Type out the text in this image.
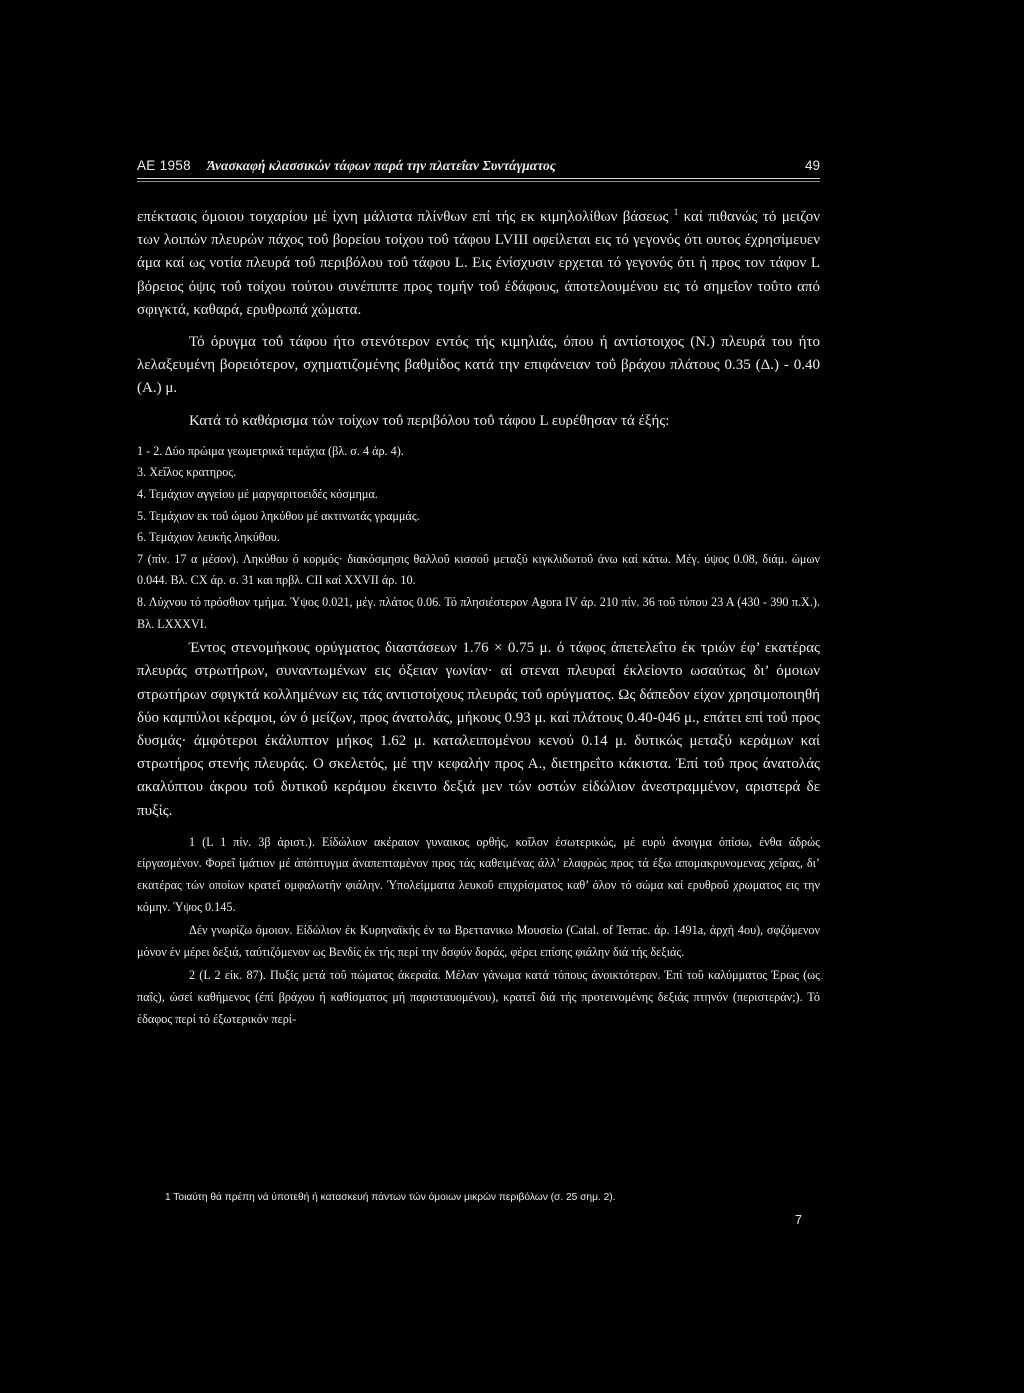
ΑΕ 1958 Άνασκαφή κλασσικών τάφων παρά την πλατεΐαν Συντάγματος	49

επέκτασις όμοιου τοιχαρίου μέ ίχνη μάλιστα πλίνθων επί τής εκ κιμηλολίθων βάσεως $^1$ καί πιθανώς τό μειζον των λοιπών πλευρών πάχος τοΰ βορείου τοίχου τοΰ τάφου LVIII οφείλεται εις τό γεγονός ότι ουτος έχρησίμευεν άμα καί ως νοτία πλευρά τοΰ περιβόλου τοΰ τάφου L. Εις ένίσχυσιν ερχεται τό γεγονός ότι ή προς τον τάφον L βόρειος όψις τοΰ τοίχου τούτου συνέπιπτε προς τομήν τοΰ έδάφους, άποτελουμένου εις τό σημεΐον τοΰτο από σφιγκτά, καθαρά, ερυθρωπά χώματα.

Τό όρυγμα τοΰ τάφου ήτο στενότερον εντός τής κιμηλιάς, όπου ή αντίστοιχος (Ν.) πλευρά του ήτο λελαξευμένη βορειότερον, σχηματιζομένης βαθμίδος κατά την επιφάνειαν τοΰ βράχου πλάτους 0.35 (Δ.) - 0.40 (Α.) μ.

Κατά τό καθάρισμα τών τοίχων τοΰ περιβόλου τοΰ τάφου L ευρέθησαν τά έξής:

1 - 2. Δύο πρώιμα γεωμετρικά τεμάχια (βλ. σ. 4 άρ. 4).

3. Χεΐλος κρατηρος.

4. Τεμάχιον αγγείου μέ μαργαριτοειδές κόσμημα.

5. Τεμάχιον εκ τοΰ ώμου ληκύθου μέ ακτινωτάς γραμμάς.

6. Τεμάχιον λευκής ληκύθου.

7 (πίν. 17 α μέσον). Ληκύθου ό κορμός· διακόσμησις θαλλοΰ κισσοΰ μεταξύ κιγκλιδωτοΰ άνω καί κάτω. Μέγ. ύψος 0.08, διάμ. ώμων 0.044. Βλ. CX άρ. σ. 31 και πρβλ. CII καί XXVII άρ. 10.

8. Λύχνου τό πρόσθιον τμήμα. Ύψος 0.021, μέγ. πλάτος 0.06. Τό πλησιέστερον Agora IV άρ. 210 πίν. 36 τοΰ τύπου 23 Α (430 - 390 π.Χ.). Βλ. LXXXVI.

Έντος στενομήκους ορύγματος διαστάσεων 1.76 × 0.75 μ. ό τάφος άπετελεΐτο έκ τριών έφ’ εκατέρας πλευράς στρωτήρων, συναντωμένων εις όξειαν γωνίαν· αί στεναι πλευραί έκλείοντο ωσαύτως δι’ όμοιων στρωτήρων σφιγκτά κολλημένων εις τάς αντιστοίχους πλευράς τοΰ ορύγματος. Ως δάπεδον είχον χρησιμοποιηθή δύο καμπύλοι κέραμοι, ών ό μείζων, προς άνατολάς, μήκους 0.93 μ. καί πλάτους 0.40-046 μ., επάτει επί τοΰ προς δυσμάς· άμφότεροι έκάλυπτον μήκος 1.62 μ. καταλειπομένου κενού 0.14 μ. δυτικώς μεταξύ κεράμων καί στρωτήρος στενής πλευράς. Ο σκελετός, μέ την κεφαλήν προς Α., διετηρεΐτο κάκιστα. Έπί τοΰ προς άνατολάς ακαλύπτου άκρου τοΰ δυτικοΰ κεράμου έκειντο δεξιά μεν τών οστών είδώλιον άνεστραμμένον, αριστερά δε πυξίς.

1 (L 1 πίν. 3β άριστ.). Είδώλιον ακέραιον γυναικος ορθής, κοΐλον έσωτερικώς, μέ ευρύ άνοιγμα όπίσω, ένθα άδρώς είργασμένον. Φορεΐ ίμάτιον μέ άπόπτυγμα άναπεπταμένον προς τάς καθειμένας άλλ’ ελαφρώς προς τά έξω απομακρυνομενας χεΐρας, δι’ εκατέρας τών οποίων κρατεΐ ομφαλωτήν φιάλην. Ύπολείμματα λευκοΰ επιχρίσματος καθ’ όλον τό σώμα καί ερυθροΰ χρωματος εις την κόμην. Ύψος 0.145.

Δέν γνωρίζω όμοιον. Είδώλιον έκ Κυρηναϊκής έν τω Βρεττανικω Μουσείω (Catal. of Terrac. άρ. 1491a, άρχή 4ου), σφζόμενον μόνον έν μέρει δεξιά, ταύτιζόμενον ως Βενδίς έκ τής περί την δσφύν δοράς, φέρει επίσης φιάλην διά τής δεξιάς.

2 (L 2 είκ. 87). Πυξίς μετά τοΰ πώματος άκεραία. Μέλαν γάνωμα κατά τόπους άνοικτότερον. Έπί τοΰ καλύμματος Έρως (ως παΐς), ώσεί καθήμενος (έπί βράχου ή καθίσματος μή παρισταυομένου), κρατεΐ διά τής προτεινομένης δεξιάς πτηνόν (περιστεράν;). Τό έδαφος περί τό έξωτερικόν περί-

1 Τοιαύτη θά πρέπη νά ύποτεθή ή κατασκευή πάντων τών όμοιων μικρών περιβόλων (σ. 25 σημ. 2).
7
